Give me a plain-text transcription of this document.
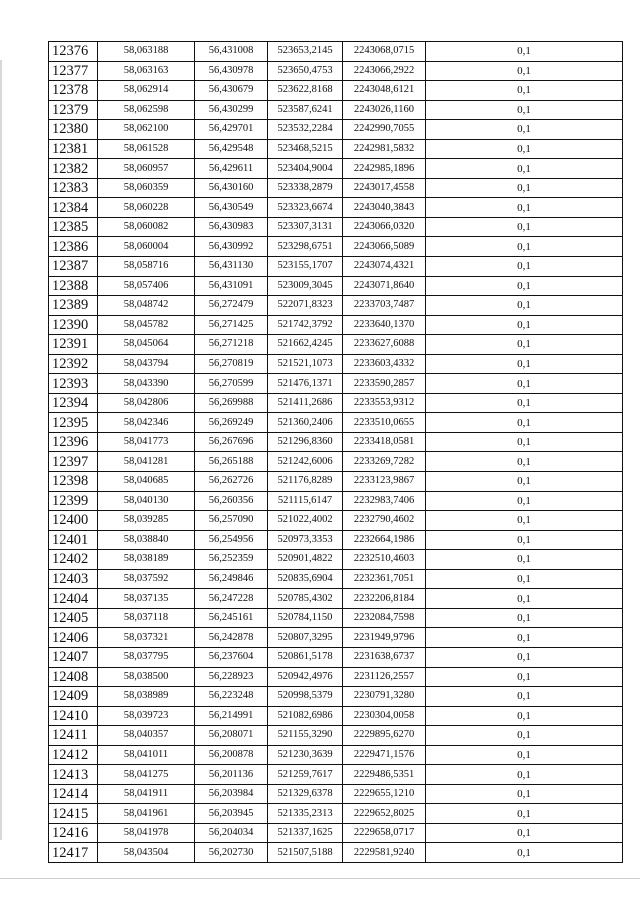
12376	58,063188	56,431008	523653,2145	2243068,0715	0,1
12377	58,063163	56,430978	523650,4753	2243066,2922	0,1
12378	58,062914	56,430679	523622,8168	2243048,6121	0,1
12379	58,062598	56,430299	523587,6241	2243026,1160	0,1
12380	58,062100	56,429701	523532,2284	2242990,7055	0,1
12381	58,061528	56,429548	523468,5215	2242981,5832	0,1
12382	58,060957	56,429611	523404,9004	2242985,1896	0,1
12383	58,060359	56,430160	523338,2879	2243017,4558	0,1
12384	58,060228	56,430549	523323,6674	2243040,3843	0,1
12385	58,060082	56,430983	523307,3131	2243066,0320	0,1
12386	58,060004	56,430992	523298,6751	2243066,5089	0,1
12387	58,058716	56,431130	523155,1707	2243074,4321	0,1
12388	58,057406	56,431091	523009,3045	2243071,8640	0,1
12389	58,048742	56,272479	522071,8323	2233703,7487	0,1
12390	58,045782	56,271425	521742,3792	2233640,1370	0,1
12391	58,045064	56,271218	521662,4245	2233627,6088	0,1
12392	58,043794	56,270819	521521,1073	2233603,4332	0,1
12393	58,043390	56,270599	521476,1371	2233590,2857	0,1
12394	58,042806	56,269988	521411,2686	2233553,9312	0,1
12395	58,042346	56,269249	521360,2406	2233510,0655	0,1
12396	58,041773	56,267696	521296,8360	2233418,0581	0,1
12397	58,041281	56,265188	521242,6006	2233269,7282	0,1
12398	58,040685	56,262726	521176,8289	2233123,9867	0,1
12399	58,040130	56,260356	521115,6147	2232983,7406	0,1
12400	58,039285	56,257090	521022,4002	2232790,4602	0,1
12401	58,038840	56,254956	520973,3353	2232664,1986	0,1
12402	58,038189	56,252359	520901,4822	2232510,4603	0,1
12403	58,037592	56,249846	520835,6904	2232361,7051	0,1
12404	58,037135	56,247228	520785,4302	2232206,8184	0,1
12405	58,037118	56,245161	520784,1150	2232084,7598	0,1
12406	58,037321	56,242878	520807,3295	2231949,9796	0,1
12407	58,037795	56,237604	520861,5178	2231638,6737	0,1
12408	58,038500	56,228923	520942,4976	2231126,2557	0,1
12409	58,038989	56,223248	520998,5379	2230791,3280	0,1
12410	58,039723	56,214991	521082,6986	2230304,0058	0,1
12411	58,040357	56,208071	521155,3290	2229895,6270	0,1
12412	58,041011	56,200878	521230,3639	2229471,1576	0,1
12413	58,041275	56,201136	521259,7617	2229486,5351	0,1
12414	58,041911	56,203984	521329,6378	2229655,1210	0,1
12415	58,041961	56,203945	521335,2313	2229652,8025	0,1
12416	58,041978	56,204034	521337,1625	2229658,0717	0,1
12417	58,043504	56,202730	521507,5188	2229581,9240	0,1
